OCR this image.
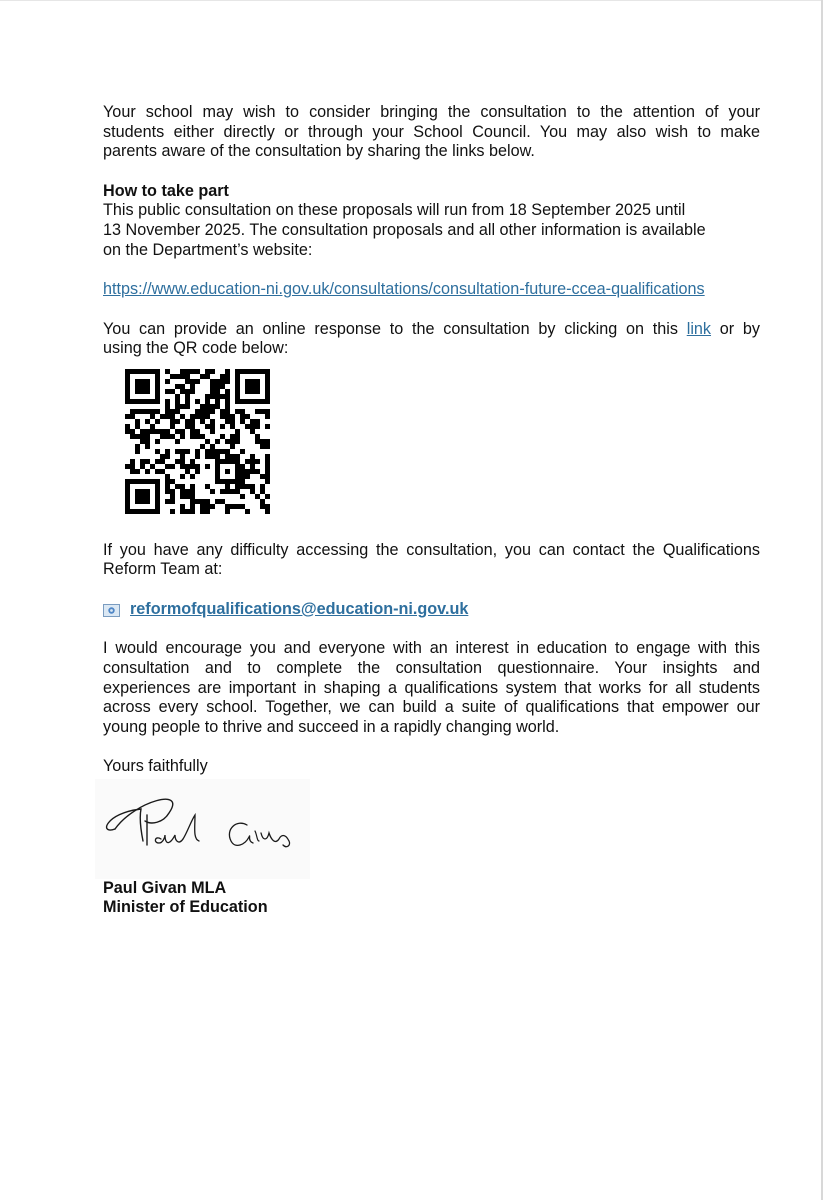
Your school may wish to consider bringing the consultation to the attention of your
students either directly or through your School Council. You may also wish to make
parents aware of the consultation by sharing the links below.
How to take part
This public consultation on these proposals will run from 18 September 2025 until
13 November 2025. The consultation proposals and all other information is available
on the Department’s website:
https://www.education-ni.gov.uk/consultations/consultation-future-ccea-qualifications
You can provide an online response to the consultation by clicking on this link or by
using the QR code below:
If you have any difficulty accessing the consultation, you can contact the Qualifications
Reform Team at:
reformofqualifications@education-ni.gov.uk
I would encourage you and everyone with an interest in education to engage with this
consultation and to complete the consultation questionnaire. Your insights and
experiences are important in shaping a qualifications system that works for all students
across every school. Together, we can build a suite of qualifications that empower our
young people to thrive and succeed in a rapidly changing world.
Yours faithfully
Paul Givan MLA
Minister of Education
